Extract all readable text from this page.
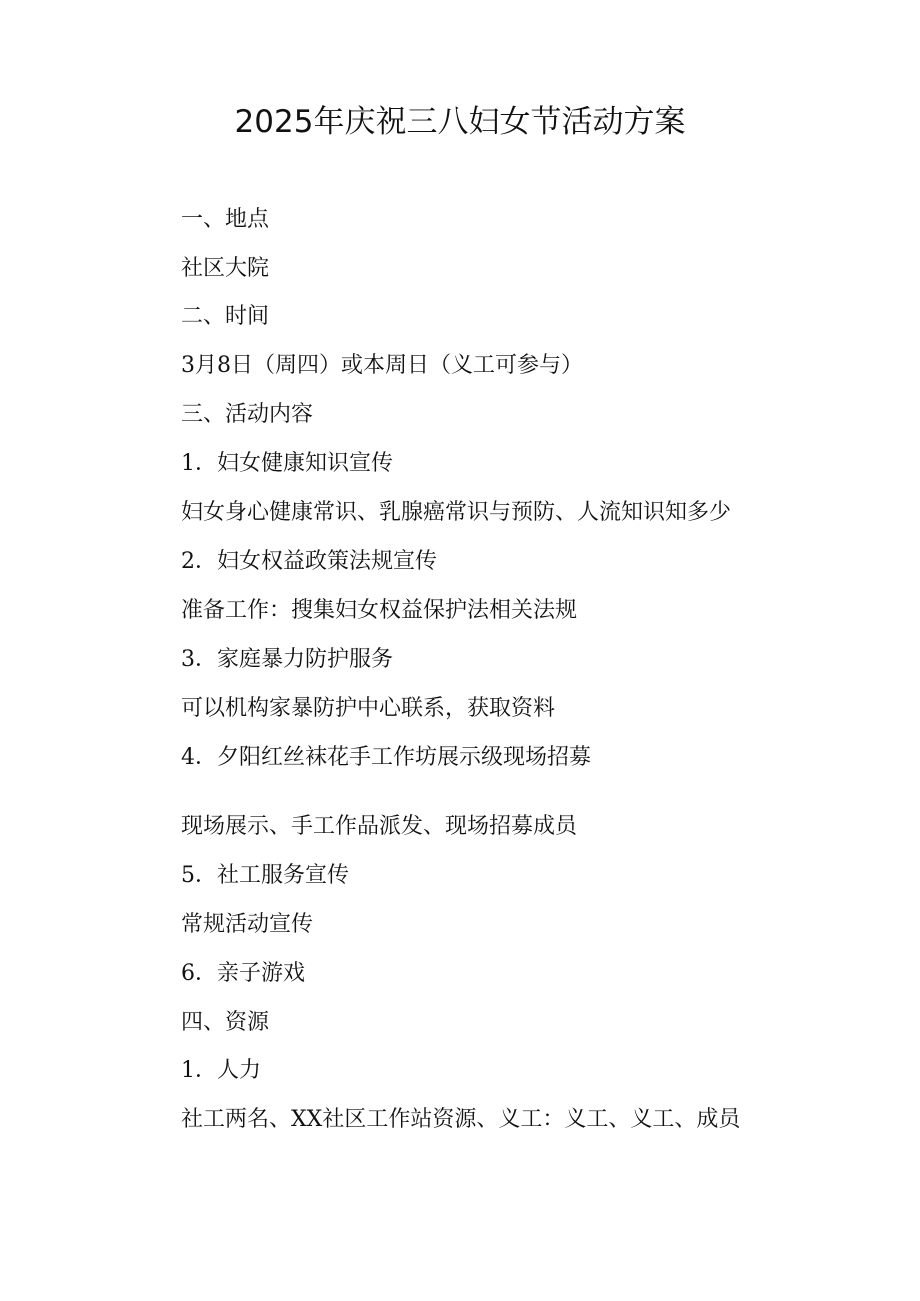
2025年庆祝三八妇女节活动方案
一、地点
社区大院
二、时间
3月8日（周四）或本周日（义工可参与）
三、活动内容
1．妇女健康知识宣传
妇女身心健康常识、乳腺癌常识与预防、人流知识知多少
2．妇女权益政策法规宣传
准备工作：搜集妇女权益保护法相关法规
3．家庭暴力防护服务
可以机构家暴防护中心联系，获取资料
4．夕阳红丝袜花手工作坊展示级现场招募
现场展示、手工作品派发、现场招募成员
5．社工服务宣传
常规活动宣传
6．亲子游戏
四、资源
1．人力
社工两名、XX社区工作站资源、义工：义工、义工、成员
